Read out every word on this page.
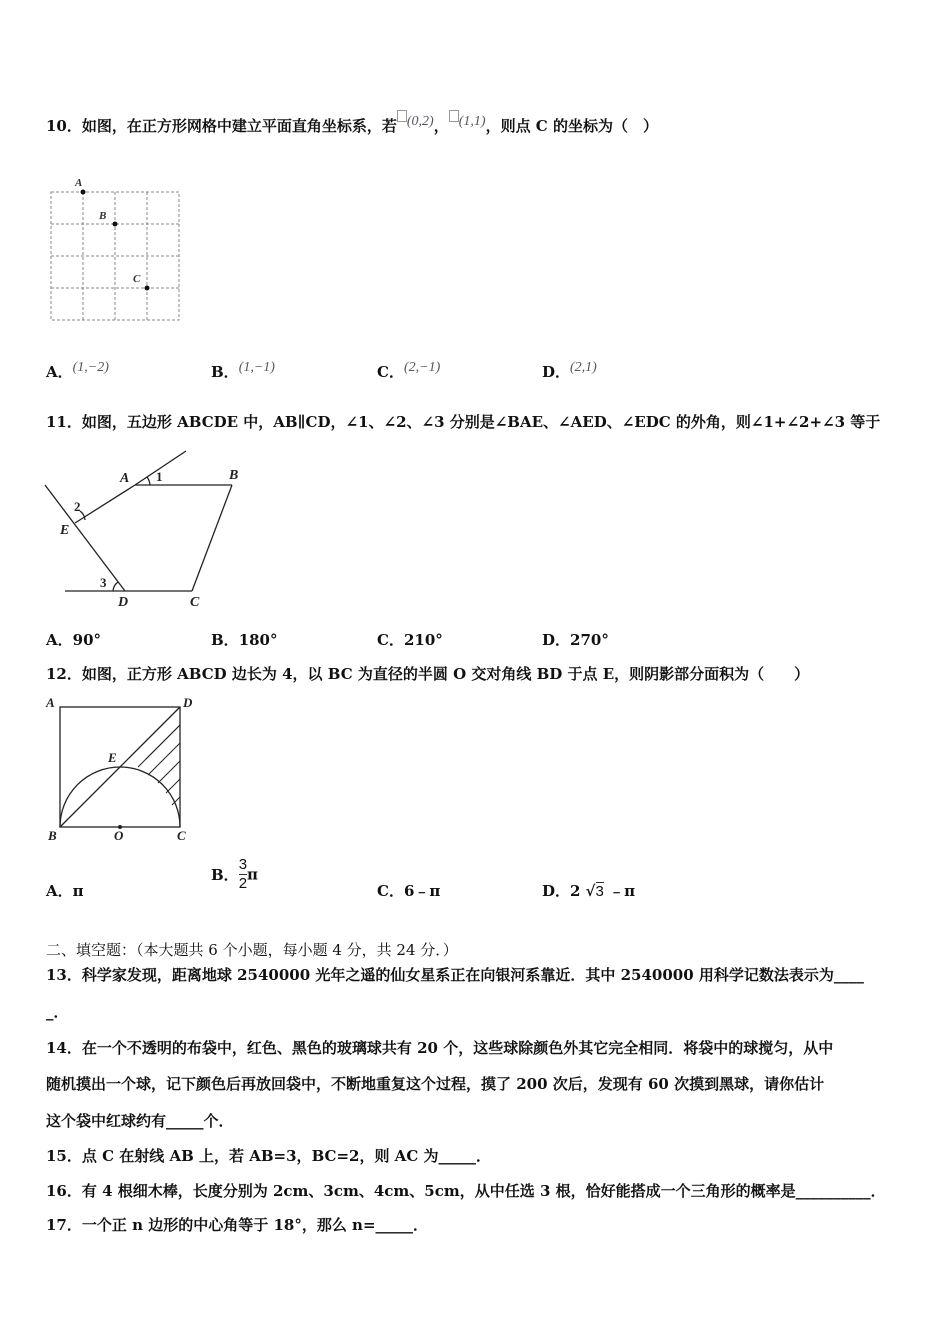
10．如图，在正方形网格中建立平面直角坐标系，若 $^{(0,2)}$， $^{(1,1)}$，则点 C 的坐标为（　）
A
B
C
A．$^{(1,-2)}$	B．$^{(1,-1)}$	C．$^{(2,-1)}$	D．$^{(2,1)}$
11．如图，五边形 ABCDE 中，AB∥CD，∠1、∠2、∠3 分别是∠BAE、∠AED、∠EDC 的外角，则∠1+∠2+∠3 等于
A	B
C
D
E
1
2
3
A．90°	B．180°	C．210°	D．270°
12．如图，正方形 ABCD 边长为 4，以 BC 为直径的半圆 O 交对角线 BD 于点 E，则阴影部分面积为（　　）
A	D
E
B	O	C
A．π
B． $\frac{3}{2}$ π
C．6﹣π	D．2 √3 ﹣π
二、填空题：（本大题共 6 个小题，每小题 4 分，共 24 分．）
13．科学家发现，距离地球 2540000 光年之遥的仙女星系正在向银河系靠近．其中 2540000 用科学记数法表示为____
_．
14．在一个不透明的布袋中，红色、黑色的玻璃球共有 20 个，这些球除颜色外其它完全相同．将袋中的球搅匀，从中
随机摸出一个球，记下颜色后再放回袋中，不断地重复这个过程，摸了 200 次后，发现有 60 次摸到黑球，请你估计
这个袋中红球约有_____个．
15．点 C 在射线 AB 上，若 AB=3，BC=2，则 AC 为_____．
16．有 4 根细木棒，长度分别为 2cm、3cm、4cm、5cm，从中任选 3 根，恰好能搭成一个三角形的概率是__________．
17．一个正 n 边形的中心角等于 18°，那么 n=_____．
